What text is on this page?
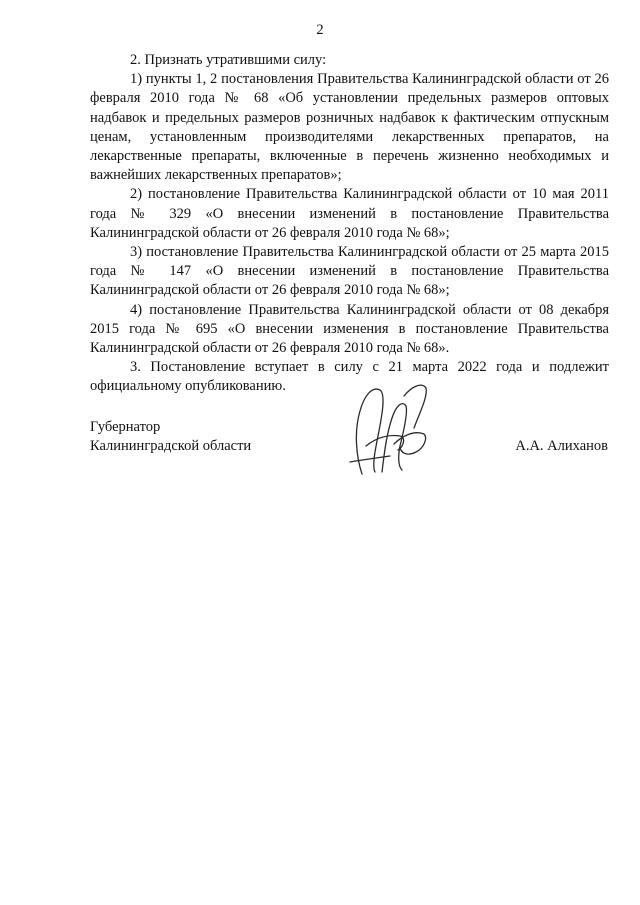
2

2. Признать утратившими силу:

1) пункты 1, 2 постановления Правительства Калининградской области от 26 февраля 2010 года № 68 «Об установлении предельных размеров оптовых надбавок и предельных размеров розничных надбавок к фактическим отпускным ценам, установленным производителями лекарственных препаратов, на лекарственные препараты, включенные в перечень жизненно необходимых и важнейших лекарственных препаратов»;

2) постановление Правительства Калининградской области от 10 мая 2011 года № 329 «О внесении изменений в постановление Правительства Калининградской области от 26 февраля 2010 года № 68»;

3) постановление Правительства Калининградской области от 25 марта 2015 года № 147 «О внесении изменений в постановление Правительства Калининградской области от 26 февраля 2010 года № 68»;

4) постановление Правительства Калининградской области от 08 декабря 2015 года № 695 «О внесении изменения в постановление Правительства Калининградской области от 26 февраля 2010 года № 68».

3. Постановление вступает в силу с 21 марта 2022 года и подлежит официальному опубликованию.

Губернатор
Калининградской области	А.А. Алиханов
